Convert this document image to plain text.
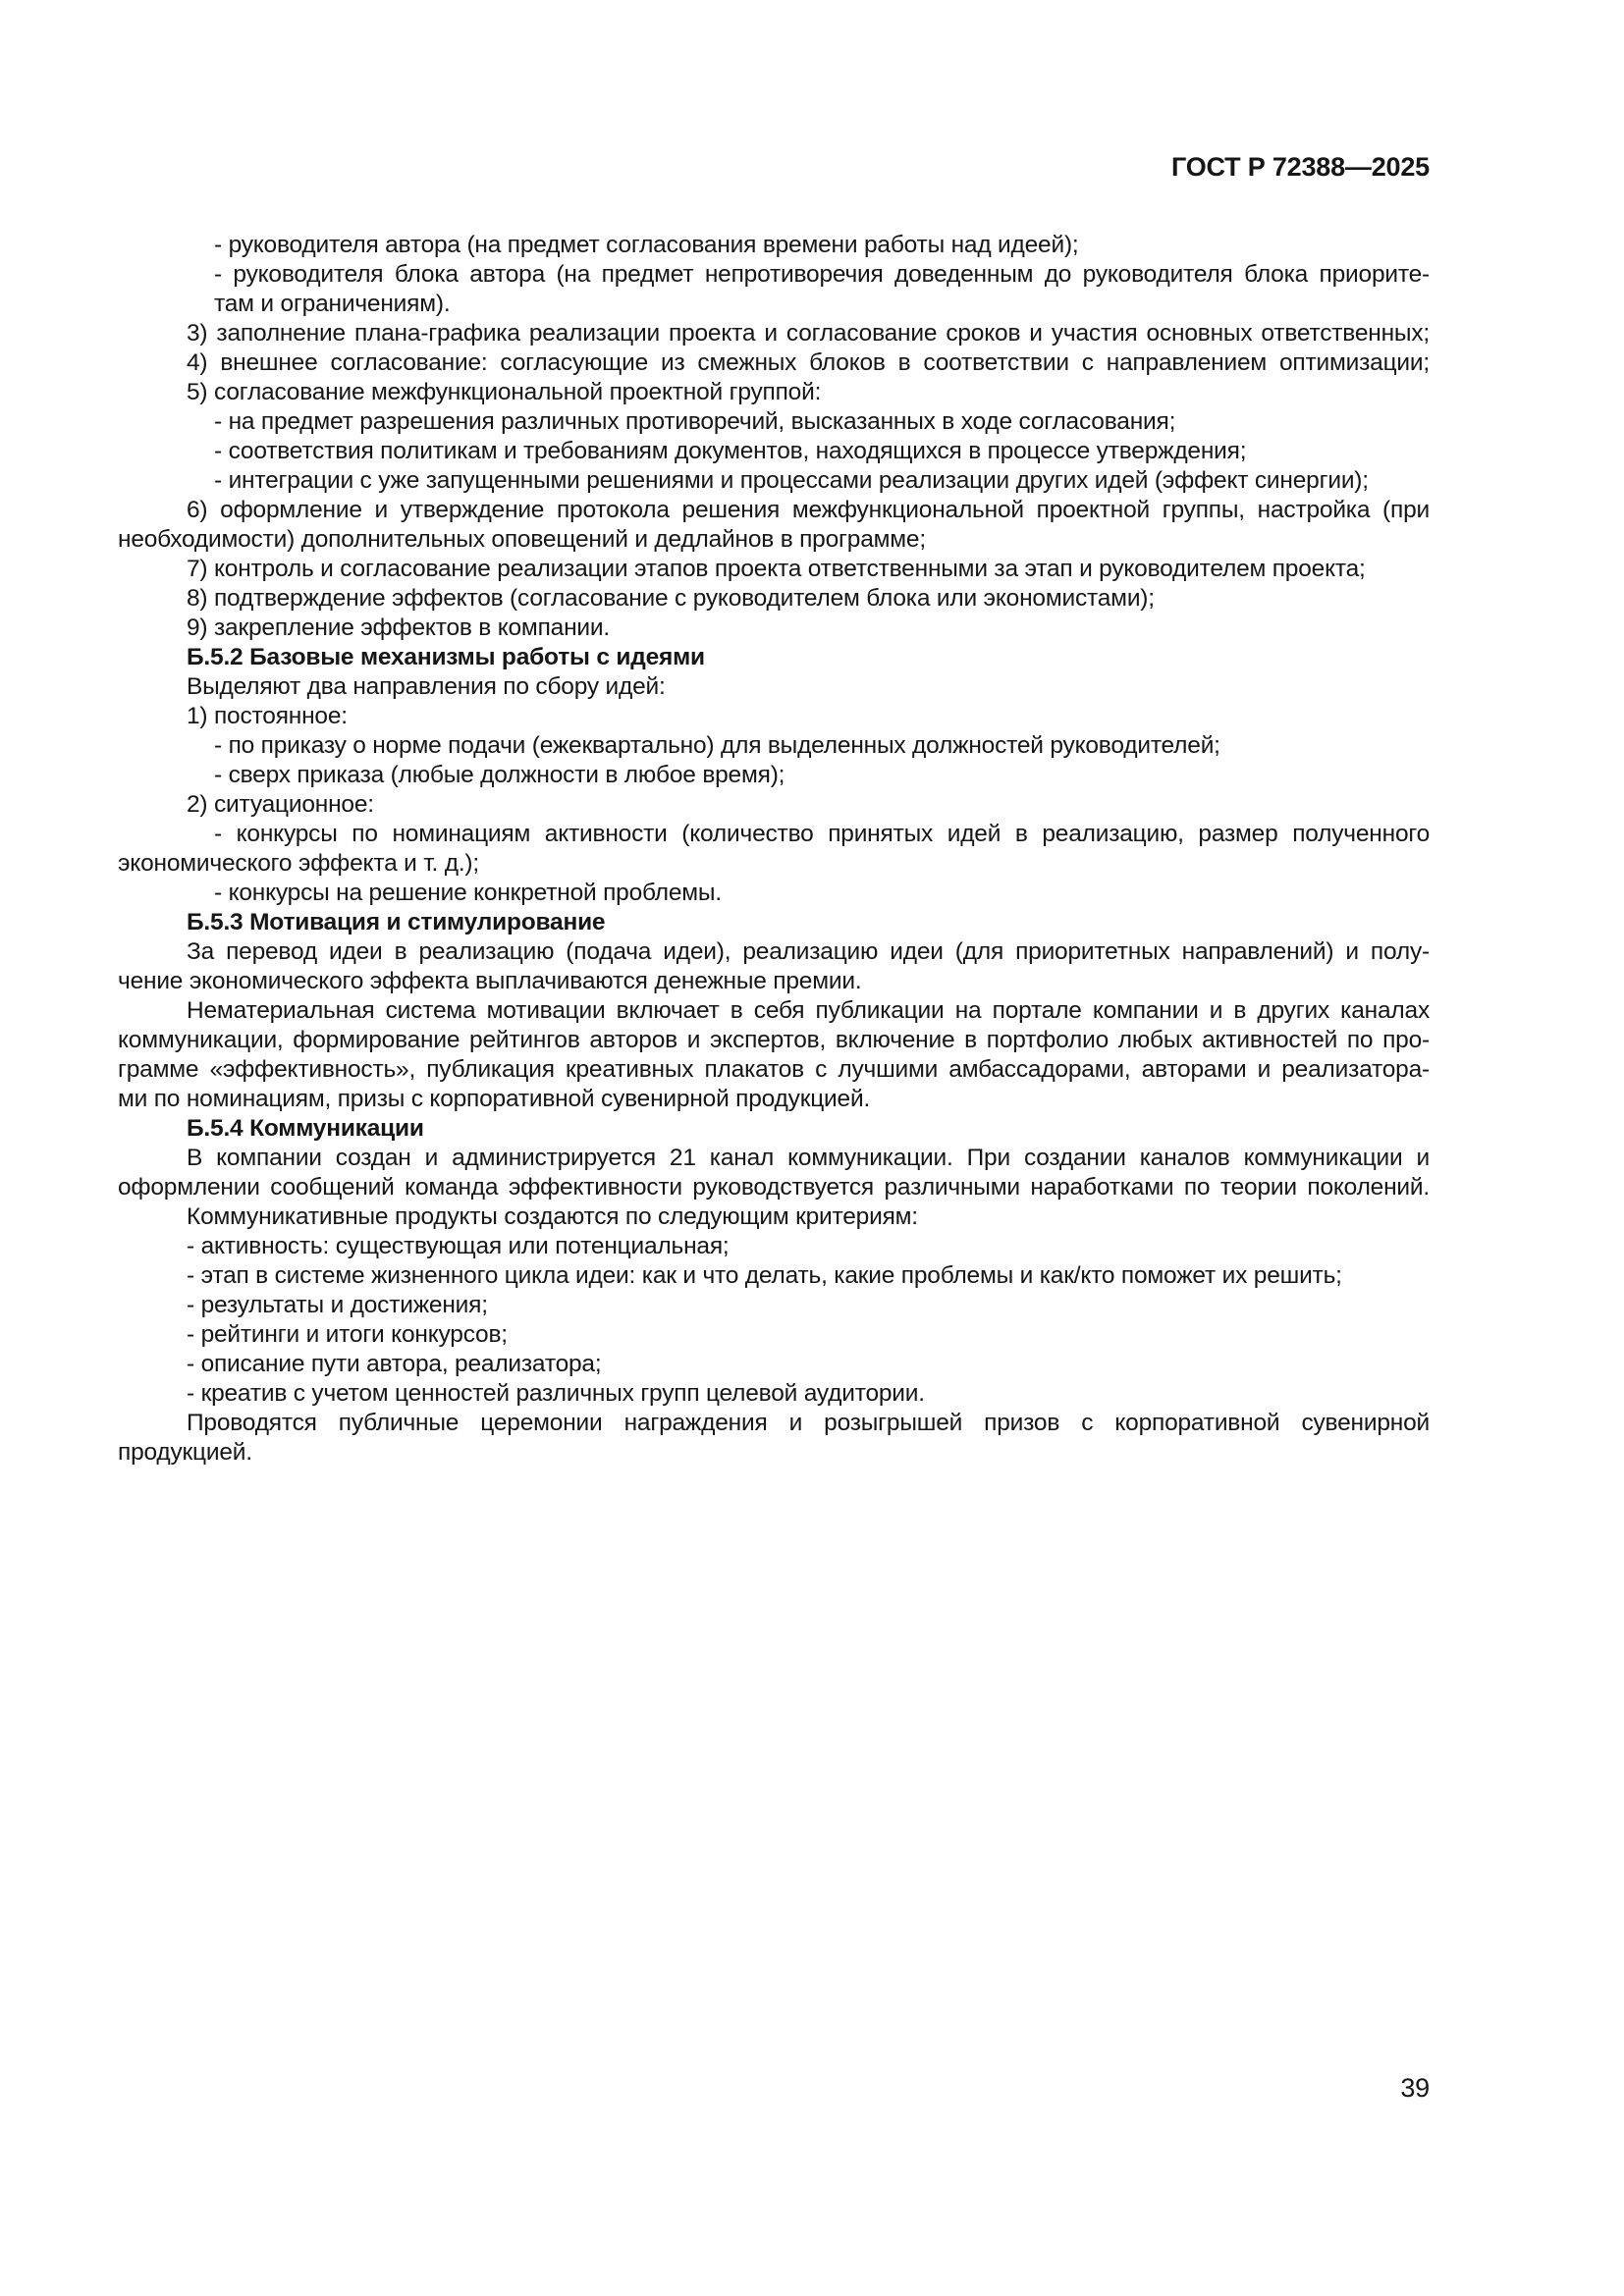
ГОСТ Р 72388—2025
- руководителя автора (на предмет согласования времени работы над идеей);
- руководителя блока автора (на предмет непротиворечия доведенным до руководителя блока приорите-
там и ограничениям).
3) заполнение плана-графика реализации проекта и согласование сроков и участия основных ответственных;
4) внешнее согласование: согласующие из смежных блоков в соответствии с направлением оптимизации;
5) согласование межфункциональной проектной группой:
- на предмет разрешения различных противоречий, высказанных в ходе согласования;
- соответствия политикам и требованиям документов, находящихся в процессе утверждения;
- интеграции с уже запущенными решениями и процессами реализации других идей (эффект синергии);
6) оформление и утверждение протокола решения межфункциональной проектной группы, настройка (при
необходимости) дополнительных оповещений и дедлайнов в программе;
7) контроль и согласование реализации этапов проекта ответственными за этап и руководителем проекта;
8) подтверждение эффектов (согласование с руководителем блока или экономистами);
9) закрепление эффектов в компании.
Б.5.2 Базовые механизмы работы с идеями
Выделяют два направления по сбору идей:
1) постоянное:
- по приказу о норме подачи (ежеквартально) для выделенных должностей руководителей;
- сверх приказа (любые должности в любое время);
2) ситуационное:
- конкурсы по номинациям активности (количество принятых идей в реализацию, размер полученного
экономического эффекта и т. д.);
- конкурсы на решение конкретной проблемы.
Б.5.3 Мотивация и стимулирование
За перевод идеи в реализацию (подача идеи), реализацию идеи (для приоритетных направлений) и полу-
чение экономического эффекта выплачиваются денежные премии.
Нематериальная система мотивации включает в себя публикации на портале компании и в других каналах
коммуникации, формирование рейтингов авторов и экспертов, включение в портфолио любых активностей по про-
грамме «эффективность», публикация креативных плакатов с лучшими амбассадорами, авторами и реализатора-
ми по номинациям, призы с корпоративной сувенирной продукцией.
Б.5.4 Коммуникации
В компании создан и администрируется 21 канал коммуникации. При создании каналов коммуникации и
оформлении сообщений команда эффективности руководствуется различными наработками по теории поколений.
Коммуникативные продукты создаются по следующим критериям:
- активность: существующая или потенциальная;
- этап в системе жизненного цикла идеи: как и что делать, какие проблемы и как/кто поможет их решить;
- результаты и достижения;
- рейтинги и итоги конкурсов;
- описание пути автора, реализатора;
- креатив с учетом ценностей различных групп целевой аудитории.
Проводятся публичные церемонии награждения и розыгрышей призов с корпоративной сувенирной
продукцией.
39
